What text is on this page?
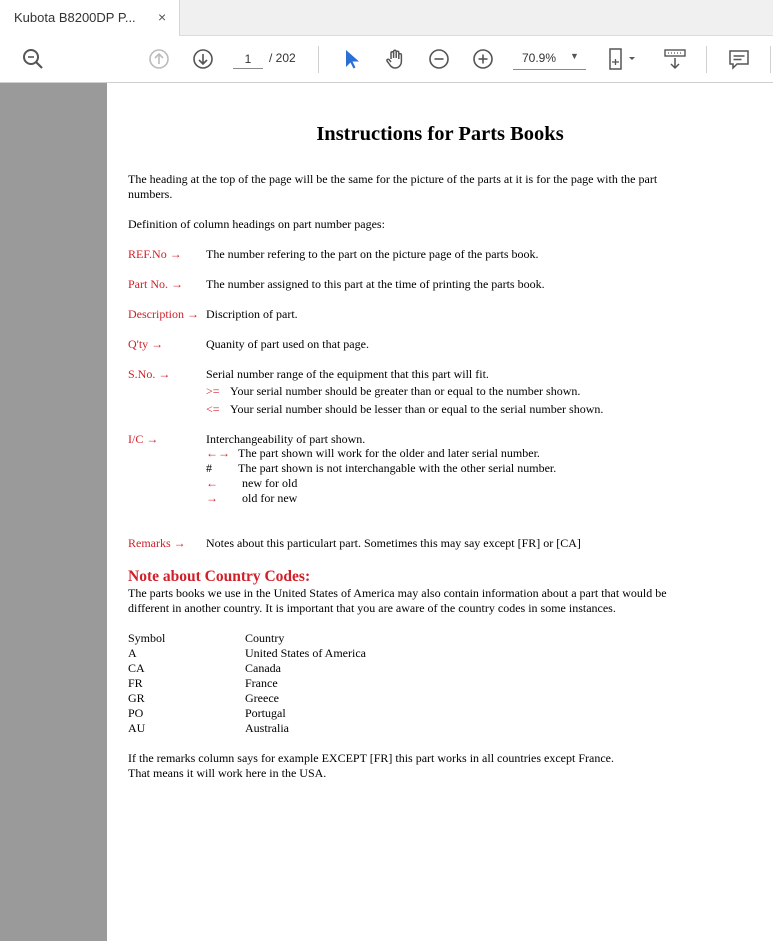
Kubota B8200DP P... ×
1
/ 202	70.9% ▼
Instructions for Parts Books
The heading at the top of the page will be the same for the picture of the parts at it is for the page with the part
numbers.
Definition of column headings on part number pages:
REF.No → The number refering to the part on the picture page of the parts book.
Part No. → The number assigned to this part at the time of printing the parts book.
Description → Discription of part.
Q'ty →	Quanity of part used on that page.
S.No. →	Serial number range of the equipment that this part will fit.
>= Your serial number should be greater than or equal to the number shown.
<= Your serial number should be lesser than or equal to the serial number shown.
I/C →	Interchangeability of part shown.
←→ The part shown will work for the older and later serial number.
# The part shown is not interchangable with the other serial number.
← new for old
→ old for new
Remarks → Notes about this particulart part. Sometimes this may say except [FR] or [CA]
Note about Country Codes:
The parts books we use in the United States of America may also contain information about a part that would be
different in another country. It is important that you are aware of the country codes in some instances.
Symbol	Country
A	United States of America
CA	Canada
FR	France
GR	Greece
PO	Portugal
AU	Australia
If the remarks column says for example EXCEPT [FR] this part works in all countries except France.
That means it will work here in the USA.
